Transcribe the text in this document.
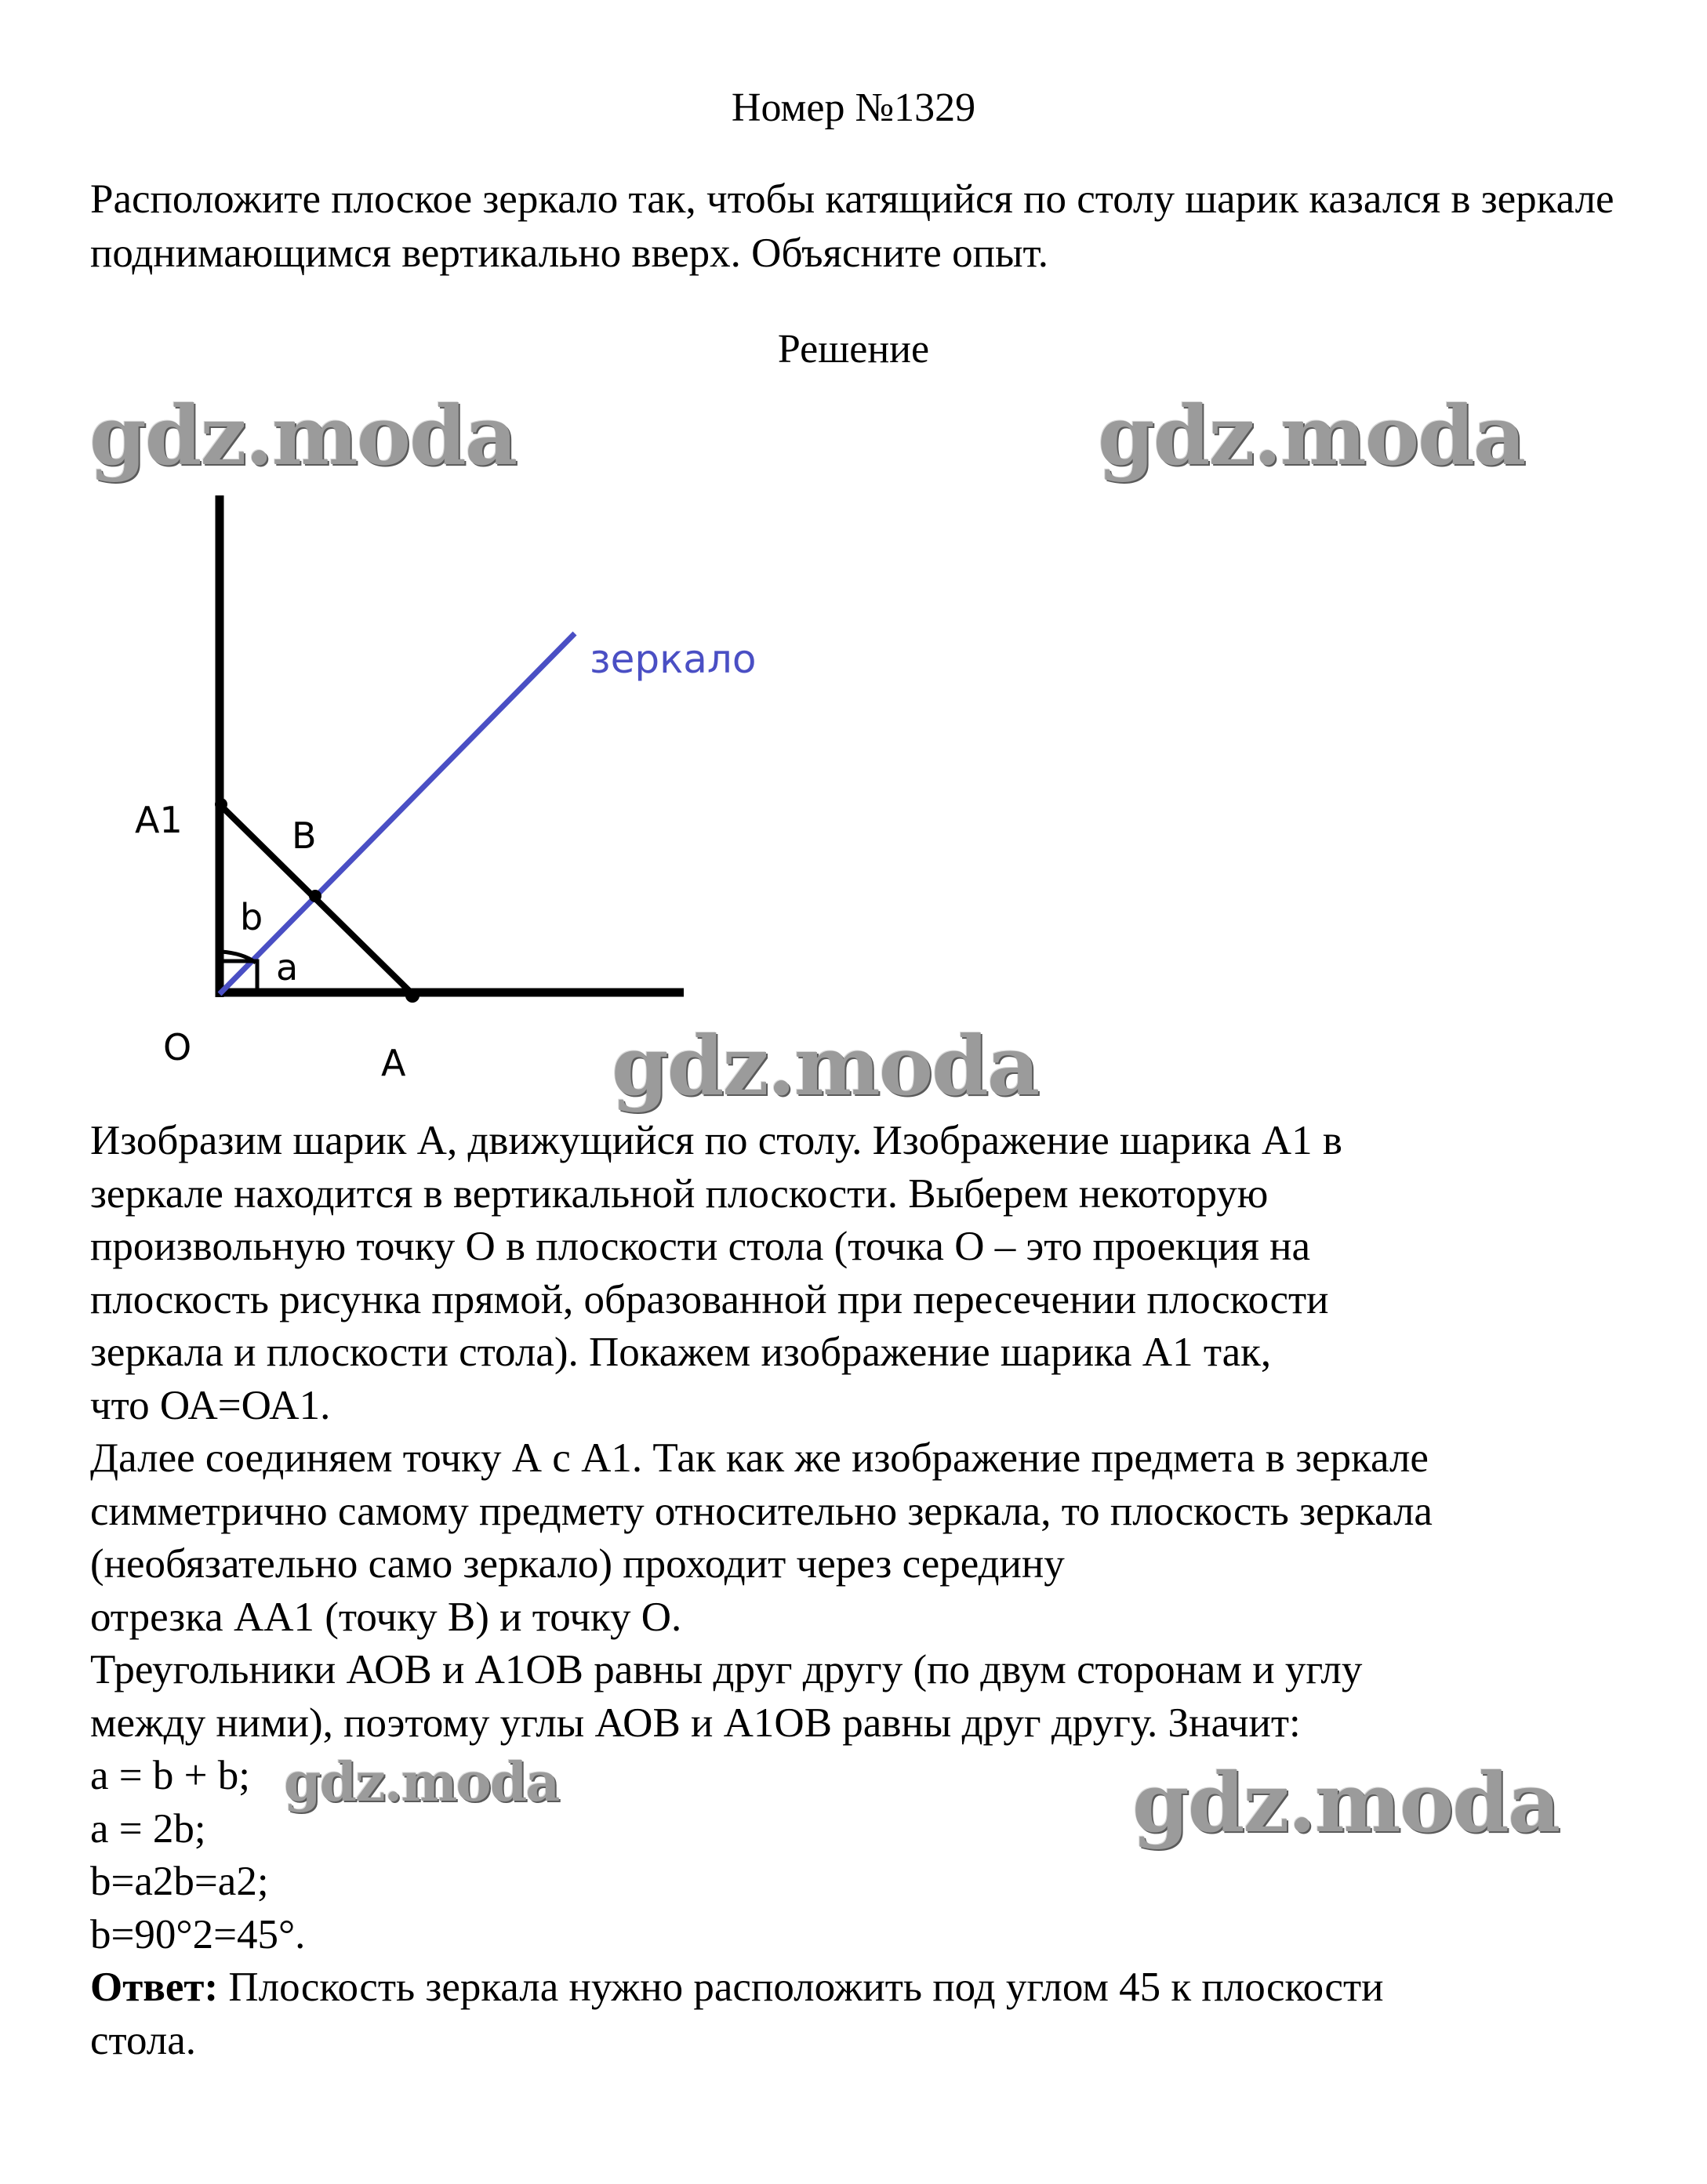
Номер №1329
Расположите плоское зеркало так, чтобы катящийся по столу шарик казался в зеркале поднимающимся вертикально вверх. Объясните опыт.
Решение
зеркало
A1	B
b
a
O	A
gdz.moda	gdz.moda
gdz.moda
gdz.moda	gdz.moda

Изобразим шарик А, движущийся по столу. Изображение шарика А1 в

зеркале находится в вертикальной плоскости. Выберем некоторую

произвольную точку О в плоскости стола (точка О – это проекция на

плоскость рисунка прямой, образованной при пересечении плоскости

зеркала и плоскости стола). Покажем изображение шарика А1 так,

что ОА=ОА1.

Далее соединяем точку А с А1. Так как же изображение предмета в зеркале

симметрично самому предмету относительно зеркала, то плоскость зеркала

(необязательно само зеркало) проходит через середину

отрезка АА1 (точку В) и точку О.

Треугольники АОВ и А1ОВ равны друг другу (по двум сторонам и углу

между ними), поэтому углы АОВ и А1ОВ равны друг другу. Значит:

a = b + b;

a = 2b;

b=a2b=a2;

b=90°2=45°.

Ответ: Плоскость зеркала нужно расположить под углом 45 к плоскости

стола.
